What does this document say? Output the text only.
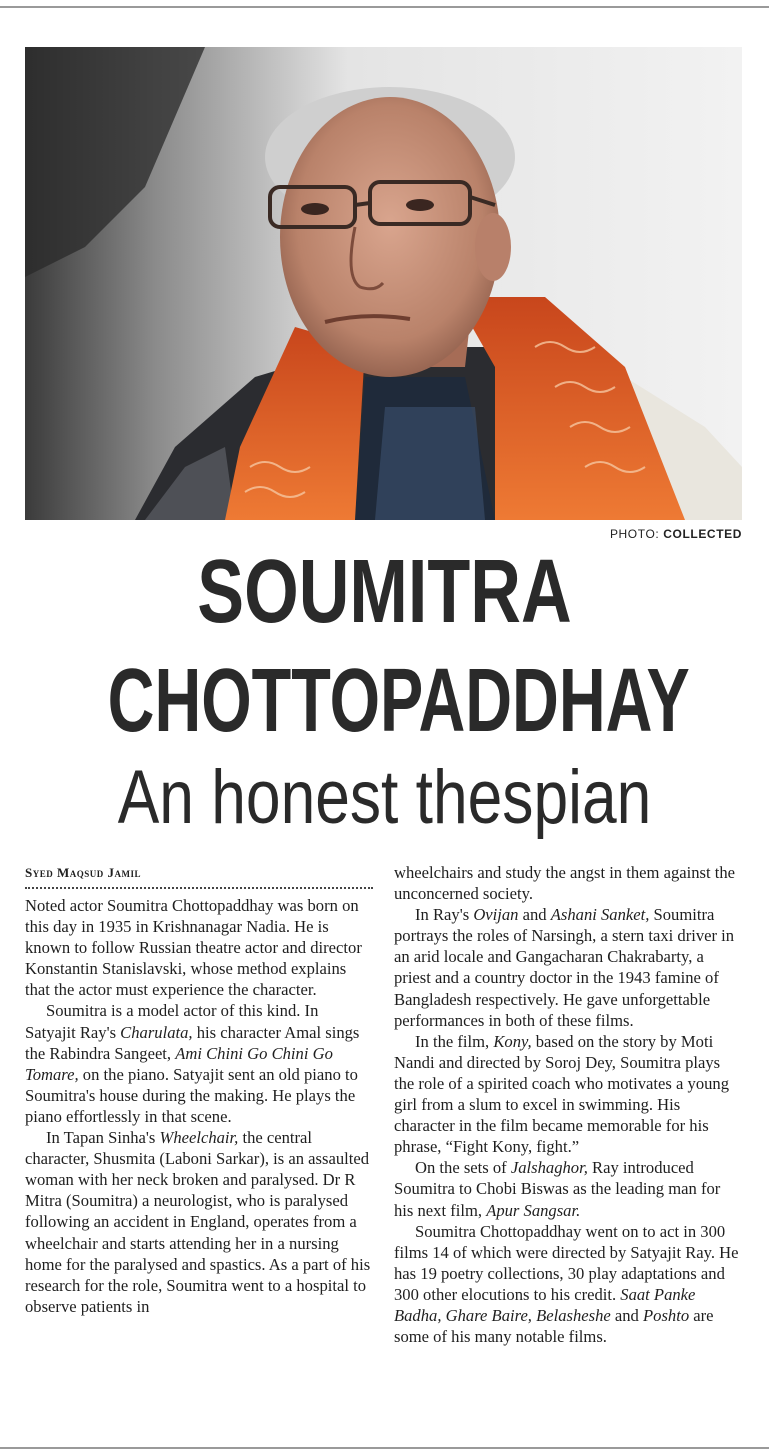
PHOTO: COLLECTED
SOUMITRA
CHOTTOPADDHAY
An honest thespian

Syed Maqsud Jamil

Noted actor Soumitra Chottopaddhay was born on this day in 1935 in Krishnanagar Nadia. He is known to follow Russian theatre actor and director Konstantin Stanislavski, whose method explains that the actor must experience the character.

Soumitra is a model actor of this kind. In Satyajit Ray's Charulata, his character Amal sings the Rabindra Sangeet, Ami Chini Go Chini Go Tomare, on the piano. Satyajit sent an old piano to Soumitra's house during the making. He plays the piano effortlessly in that scene.

In Tapan Sinha's Wheelchair, the central character, Shusmita (Laboni Sarkar), is an assaulted woman with her neck broken and paralysed. Dr R Mitra (Soumitra) a neurologist, who is paralysed following an accident in England, operates from a wheelchair and starts attending her in a nursing home for the paralysed and spastics. As a part of his research for the role, Soumitra went to a hospital to observe patients in

wheelchairs and study the angst in them against the unconcerned society.

In Ray's Ovijan and Ashani Sanket, Soumitra portrays the roles of Narsingh, a stern taxi driver in an arid locale and Gangacharan Chakrabarty, a priest and a country doctor in the 1943 famine of Bangladesh respectively. He gave unforgettable performances in both of these films.

In the film, Kony, based on the story by Moti Nandi and directed by Soroj Dey, Soumitra plays the role of a spirited coach who motivates a young girl from a slum to excel in swimming. His character in the film became memorable for his phrase, “Fight Kony, fight.”

On the sets of Jalshaghor, Ray introduced Soumitra to Chobi Biswas as the leading man for his next film, Apur Sangsar.

Soumitra Chottopaddhay went on to act in 300 films 14 of which were directed by Satyajit Ray. He has 19 poetry collections, 30 play adaptations and 300 other elocutions to his credit. Saat Panke Badha, Ghare Baire, Belasheshe and Poshto are some of his many notable films.
